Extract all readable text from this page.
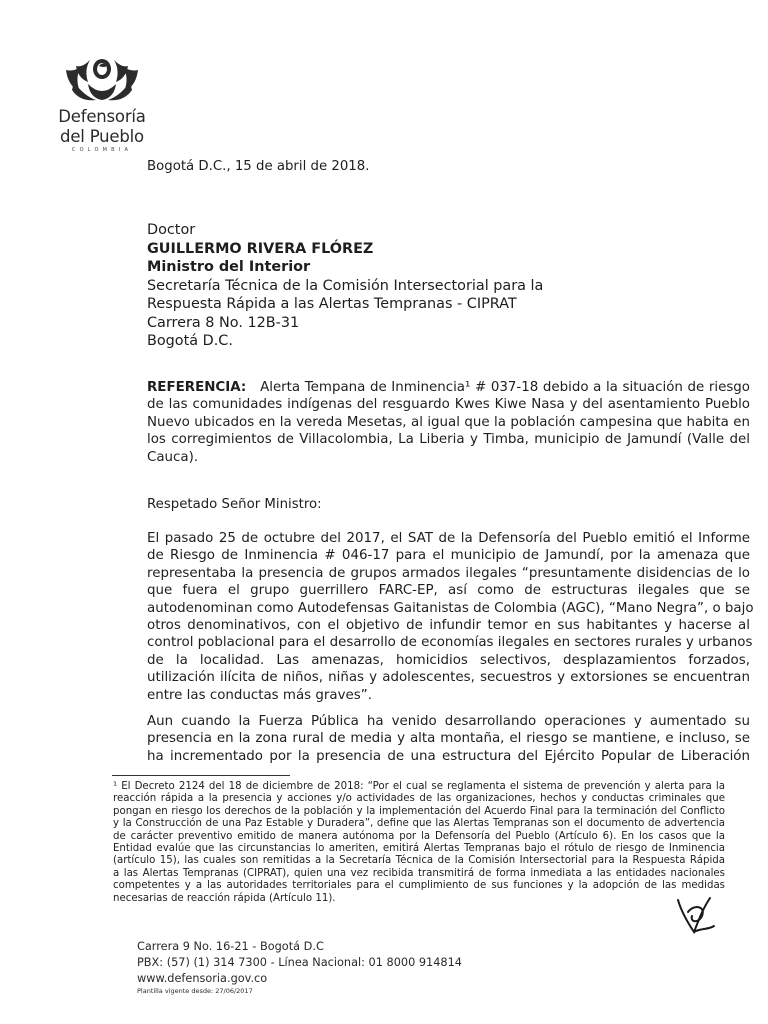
Defensoría
del Pueblo
COLOMBIA
Bogotá D.C., 15 de abril de 2018.
Doctor
GUILLERMO RIVERA FLÓREZ
Ministro del Interior
Secretaría Técnica de la Comisión Intersectorial para la
Respuesta Rápida a las Alertas Tempranas - CIPRAT
Carrera 8 No. 12B-31
Bogotá D.C.
REFERENCIA: Alerta Tempana de Inminencia¹ # 037-18 debido a la situación de riesgo
de las comunidades indígenas del resguardo Kwes Kiwe Nasa y del asentamiento Pueblo
Nuevo ubicados en la vereda Mesetas, al igual que la población campesina que habita en
los corregimientos de Villacolombia, La Liberia y Timba, municipio de Jamundí (Valle del
Cauca).
Respetado Señor Ministro:
El pasado 25 de octubre del 2017, el SAT de la Defensoría del Pueblo emitió el Informe
de Riesgo de Inminencia # 046-17 para el municipio de Jamundí, por la amenaza que
representaba la presencia de grupos armados ilegales “presuntamente disidencias de lo
que fuera el grupo guerrillero FARC-EP, así como de estructuras ilegales que se
autodenominan como Autodefensas Gaitanistas de Colombia (AGC), “Mano Negra”, o bajo
otros denominativos, con el objetivo de infundir temor en sus habitantes y hacerse al
control poblacional para el desarrollo de economías ilegales en sectores rurales y urbanos
de la localidad. Las amenazas, homicidios selectivos, desplazamientos forzados,
utilización ilícita de niños, niñas y adolescentes, secuestros y extorsiones se encuentran
entre las conductas más graves”.
Aun cuando la Fuerza Pública ha venido desarrollando operaciones y aumentado su
presencia en la zona rural de media y alta montaña, el riesgo se mantiene, e incluso, se
ha incrementado por la presencia de una estructura del Ejército Popular de Liberación
¹ El Decreto 2124 del 18 de diciembre de 2018: “Por el cual se reglamenta el sistema de prevención y alerta para la
reacción rápida a la presencia y acciones y/o actividades de las organizaciones, hechos y conductas criminales que
pongan en riesgo los derechos de la población y la implementación del Acuerdo Final para la terminación del Conflicto
y la Construcción de una Paz Estable y Duradera”, define que las Alertas Tempranas son el documento de advertencia
de carácter preventivo emitido de manera autónoma por la Defensoría del Pueblo (Artículo 6). En los casos que la
Entidad evalúe que las circunstancias lo ameriten, emitirá Alertas Tempranas bajo el rótulo de riesgo de Inminencia
(artículo 15), las cuales son remitidas a la Secretaría Técnica de la Comisión Intersectorial para la Respuesta Rápida
a las Alertas Tempranas (CIPRAT), quien una vez recibida transmitirá de forma inmediata a las entidades nacionales
competentes y a las autoridades territoriales para el cumplimiento de sus funciones y la adopción de las medidas
necesarias de reacción rápida (Artículo 11).
Carrera 9 No. 16-21 - Bogotá D.C
PBX: (57) (1) 314 7300 - Línea Nacional: 01 8000 914814
www.defensoria.gov.co
Plantilla vigente desde: 27/06/2017
